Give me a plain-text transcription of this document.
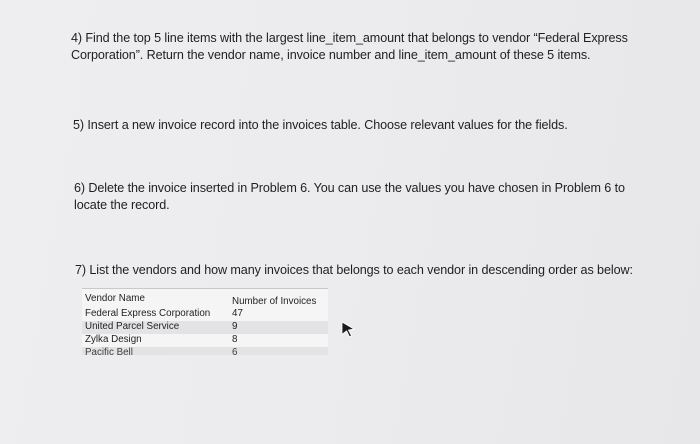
4) Find the top 5 line items with the largest line_item_amount that belongs to vendor “Federal Express
Corporation”. Return the vendor name, invoice number and line_item_amount of these 5 items.
5) Insert a new invoice record into the invoices table. Choose relevant values for the fields.
6) Delete the invoice inserted in Problem 6. You can use the values you have chosen in Problem 6 to
locate the record.
7) List the vendors and how many invoices that belongs to each vendor in descending order as below:
Vendor Name	Number of Invoices
Federal Express Corporation 47
United Parcel Service	9
Zylka Design	8
Pacific Bell	6
